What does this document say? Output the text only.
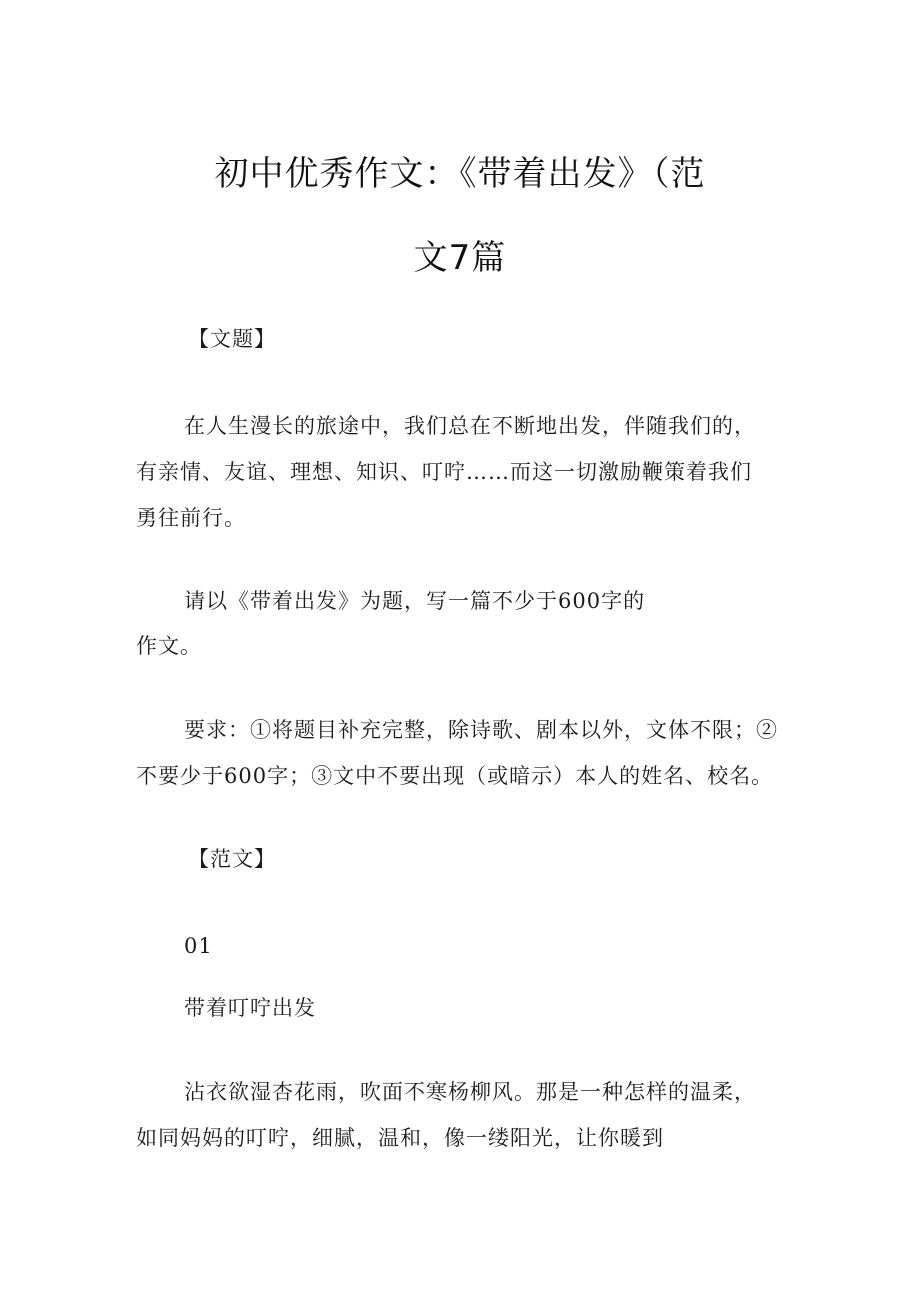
初中优秀作文：《带着出发》（范
文7篇
【文题】
在人生漫长的旅途中，我们总在不断地出发，伴随我们的，
有亲情、友谊、理想、知识、叮咛……而这一切激励鞭策着我们
勇往前行。
请以《带着出发》为题，写一篇不少于600字的
作文。
要求：①将题目补充完整，除诗歌、剧本以外，文体不限；②
不要少于600字；③文中不要出现（或暗示）本人的姓名、校名。
【范文】
01
带着叮咛出发
沾衣欲湿杏花雨，吹面不寒杨柳风。那是一种怎样的温柔，
如同妈妈的叮咛，细腻，温和，像一缕阳光，让你暖到
